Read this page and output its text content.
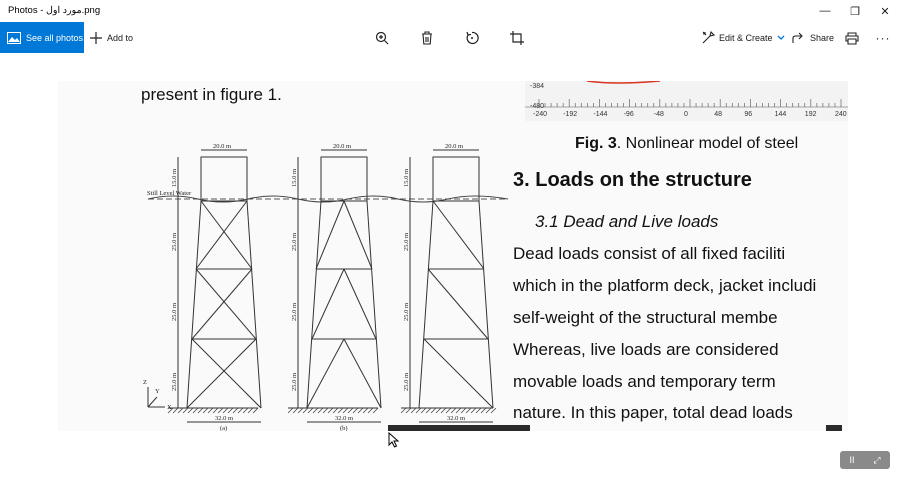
Photos - مورد اول.png	—	❐	✕
See all photos	Add to	Edit & Create	Share	···
present in figure 1.	-384
-480
-240 -192 -144 -96	-48	0	48	96	144	192	240
Fig. 3. Nonlinear model of steel
3. Loads on the structure
3.1 Dead and Live loads
Dead loads consist of all fixed faciliti
which in the platform deck, jacket includi
self-weight of the structural membe
Whereas, live loads are considered
movable loads and temporary term
nature. In this paper, total dead loads
20.0 m	20.0 m	20.0 m
32.0 m	32.0 m	32.0 m
(a)	(b)
Still Level Water
Z
Y
X
15.0 m
25.0 m
25.0 m
25.0 m
15.0 m
25.0 m
25.0 m
25.0 m
15.0 m
25.0 m
25.0 m
25.0 m
II ⤢
